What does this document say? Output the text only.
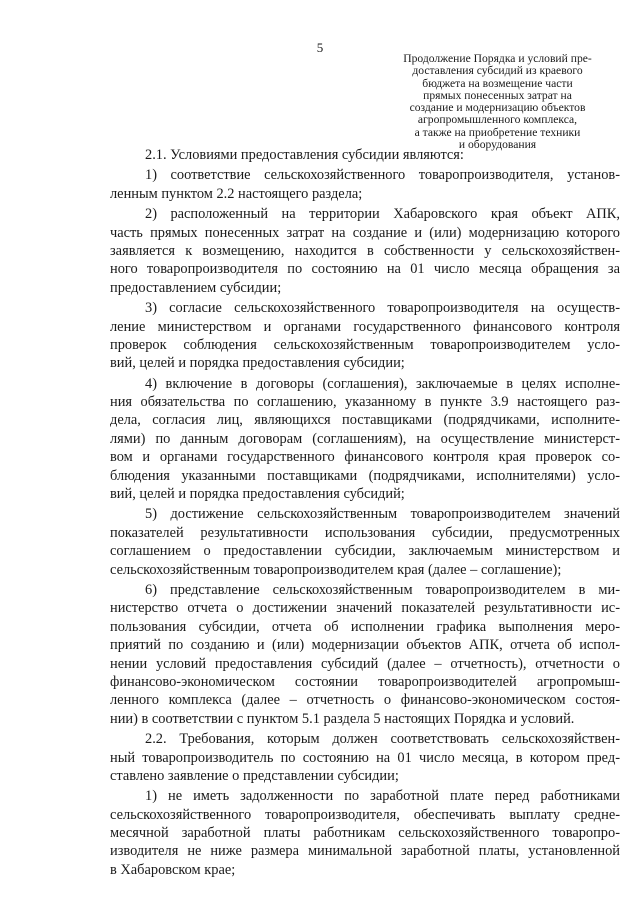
5
Продолжение Порядка и условий пре-
доставления субсидий из краевого
бюджета на возмещение части
прямых понесенных затрат на
создание и модернизацию объектов
агропромышленного комплекса,
а также на приобретение техники
и оборудования
2.1. Условиями предоставления субсидии являются:
1) соответствие сельскохозяйственного товаропроизводителя, установ-
ленным пунктом 2.2 настоящего раздела;
2) расположенный на территории Хабаровского края объект АПК,
часть прямых понесенных затрат на создание и (или) модернизацию которого
заявляется к возмещению, находится в собственности у сельскохозяйствен-
ного товаропроизводителя по состоянию на 01 число месяца обращения за
предоставлением субсидии;
3) согласие сельскохозяйственного товаропроизводителя на осуществ-
ление министерством и органами государственного финансового контроля
проверок соблюдения сельскохозяйственным товаропроизводителем усло-
вий, целей и порядка предоставления субсидии;
4) включение в договоры (соглашения), заключаемые в целях исполне-
ния обязательства по соглашению, указанному в пункте 3.9 настоящего раз-
дела, согласия лиц, являющихся поставщиками (подрядчиками, исполните-
лями) по данным договорам (соглашениям), на осуществление министерст-
вом и органами государственного финансового контроля края проверок со-
блюдения указанными поставщиками (подрядчиками, исполнителями) усло-
вий, целей и порядка предоставления субсидий;
5) достижение сельскохозяйственным товаропроизводителем значений
показателей результативности использования субсидии, предусмотренных
соглашением о предоставлении субсидии, заключаемым министерством и
сельскохозяйственным товаропроизводителем края (далее – соглашение);
6) представление сельскохозяйственным товаропроизводителем в ми-
нистерство отчета о достижении значений показателей результативности ис-
пользования субсидии, отчета об исполнении графика выполнения меро-
приятий по созданию и (или) модернизации объектов АПК, отчета об испол-
нении условий предоставления субсидий (далее – отчетность), отчетности о
финансово-экономическом состоянии товаропроизводителей агропромыш-
ленного комплекса (далее – отчетность о финансово-экономическом состоя-
нии) в соответствии с пунктом 5.1 раздела 5 настоящих Порядка и условий.
2.2. Требования, которым должен соответствовать сельскохозяйствен-
ный товаропроизводитель по состоянию на 01 число месяца, в котором пред-
ставлено заявление о представлении субсидии;
1) не иметь задолженности по заработной плате перед работниками
сельскохозяйственного товаропроизводителя, обеспечивать выплату средне-
месячной заработной платы работникам сельскохозяйственного товаропро-
изводителя не ниже размера минимальной заработной платы, установленной
в Хабаровском крае;
